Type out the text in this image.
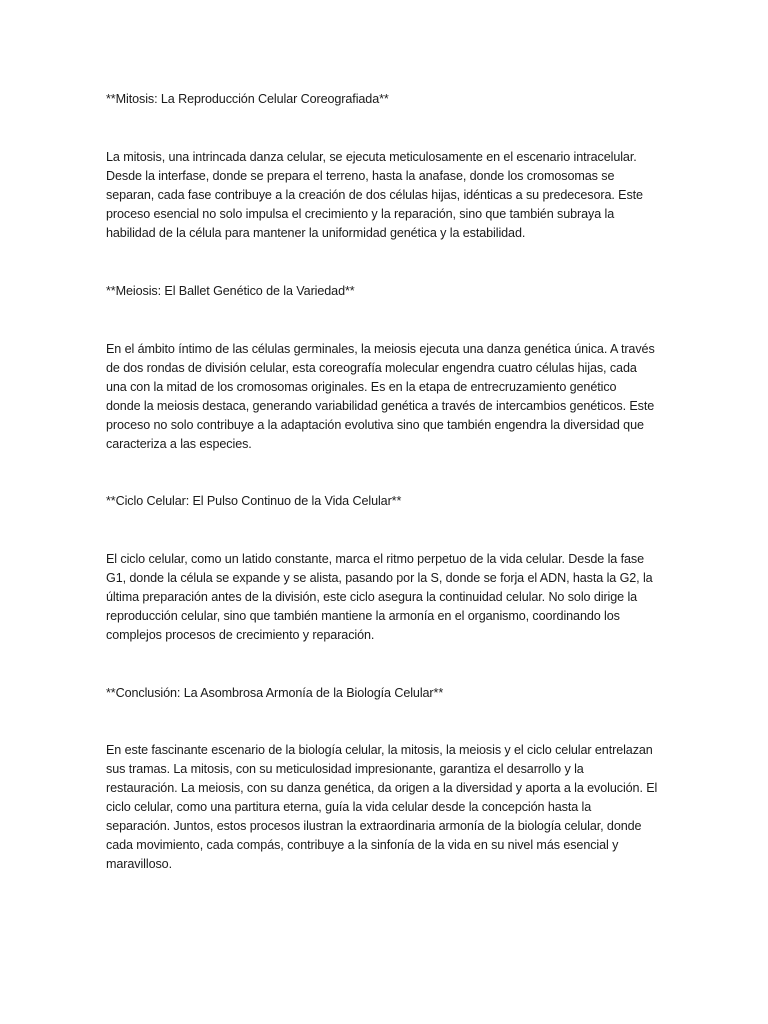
**Mitosis: La Reproducción Celular Coreografiada**

La mitosis, una intrincada danza celular, se ejecuta meticulosamente en el escenario intracelular.
Desde la interfase, donde se prepara el terreno, hasta la anafase, donde los cromosomas se
separan, cada fase contribuye a la creación de dos células hijas, idénticas a su predecesora. Este
proceso esencial no solo impulsa el crecimiento y la reparación, sino que también subraya la
habilidad de la célula para mantener la uniformidad genética y la estabilidad.

**Meiosis: El Ballet Genético de la Variedad**

En el ámbito íntimo de las células germinales, la meiosis ejecuta una danza genética única. A través
de dos rondas de división celular, esta coreografía molecular engendra cuatro células hijas, cada
una con la mitad de los cromosomas originales. Es en la etapa de entrecruzamiento genético
donde la meiosis destaca, generando variabilidad genética a través de intercambios genéticos. Este
proceso no solo contribuye a la adaptación evolutiva sino que también engendra la diversidad que
caracteriza a las especies.

**Ciclo Celular: El Pulso Continuo de la Vida Celular**

El ciclo celular, como un latido constante, marca el ritmo perpetuo de la vida celular. Desde la fase
G1, donde la célula se expande y se alista, pasando por la S, donde se forja el ADN, hasta la G2, la
última preparación antes de la división, este ciclo asegura la continuidad celular. No solo dirige la
reproducción celular, sino que también mantiene la armonía en el organismo, coordinando los
complejos procesos de crecimiento y reparación.

**Conclusión: La Asombrosa Armonía de la Biología Celular**

En este fascinante escenario de la biología celular, la mitosis, la meiosis y el ciclo celular entrelazan
sus tramas. La mitosis, con su meticulosidad impresionante, garantiza el desarrollo y la
restauración. La meiosis, con su danza genética, da origen a la diversidad y aporta a la evolución. El
ciclo celular, como una partitura eterna, guía la vida celular desde la concepción hasta la
separación. Juntos, estos procesos ilustran la extraordinaria armonía de la biología celular, donde
cada movimiento, cada compás, contribuye a la sinfonía de la vida en su nivel más esencial y
maravilloso.
